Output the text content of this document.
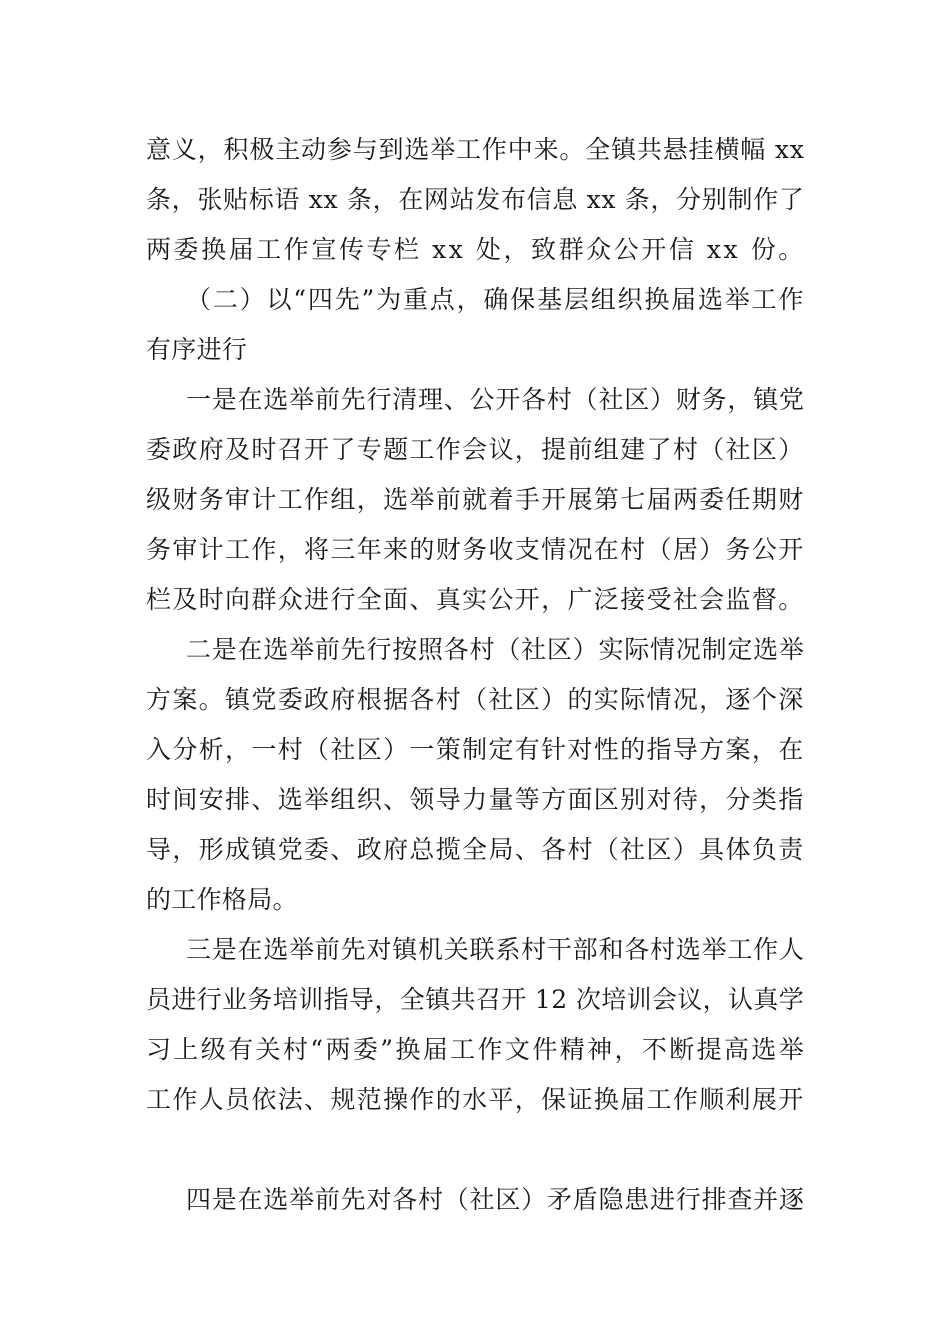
意义，积极主动参与到选举工作中来。全镇共悬挂横幅 xx
条，张贴标语 xx 条，在网站发布信息 xx 条，分别制作了
两委换届工作宣传专栏 xx 处，致群众公开信 xx 份。
（二）以“四先”为重点，确保基层组织换届选举工作
有序进行
一是在选举前先行清理、公开各村（社区）财务，镇党
委政府及时召开了专题工作会议，提前组建了村（社区）
级财务审计工作组，选举前就着手开展第七届两委任期财
务审计工作，将三年来的财务收支情况在村（居）务公开
栏及时向群众进行全面、真实公开，广泛接受社会监督。
二是在选举前先行按照各村（社区）实际情况制定选举
方案。镇党委政府根据各村（社区）的实际情况，逐个深
入分析，一村（社区）一策制定有针对性的指导方案，在
时间安排、选举组织、领导力量等方面区别对待，分类指
导，形成镇党委、政府总揽全局、各村（社区）具体负责
的工作格局。
三是在选举前先对镇机关联系村干部和各村选举工作人
员进行业务培训指导，全镇共召开 12 次培训会议，认真学
习上级有关村“两委”换届工作文件精神，不断提高选举
工作人员依法、规范操作的水平，保证换届工作顺利展开
四是在选举前先对各村（社区）矛盾隐患进行排查并逐
